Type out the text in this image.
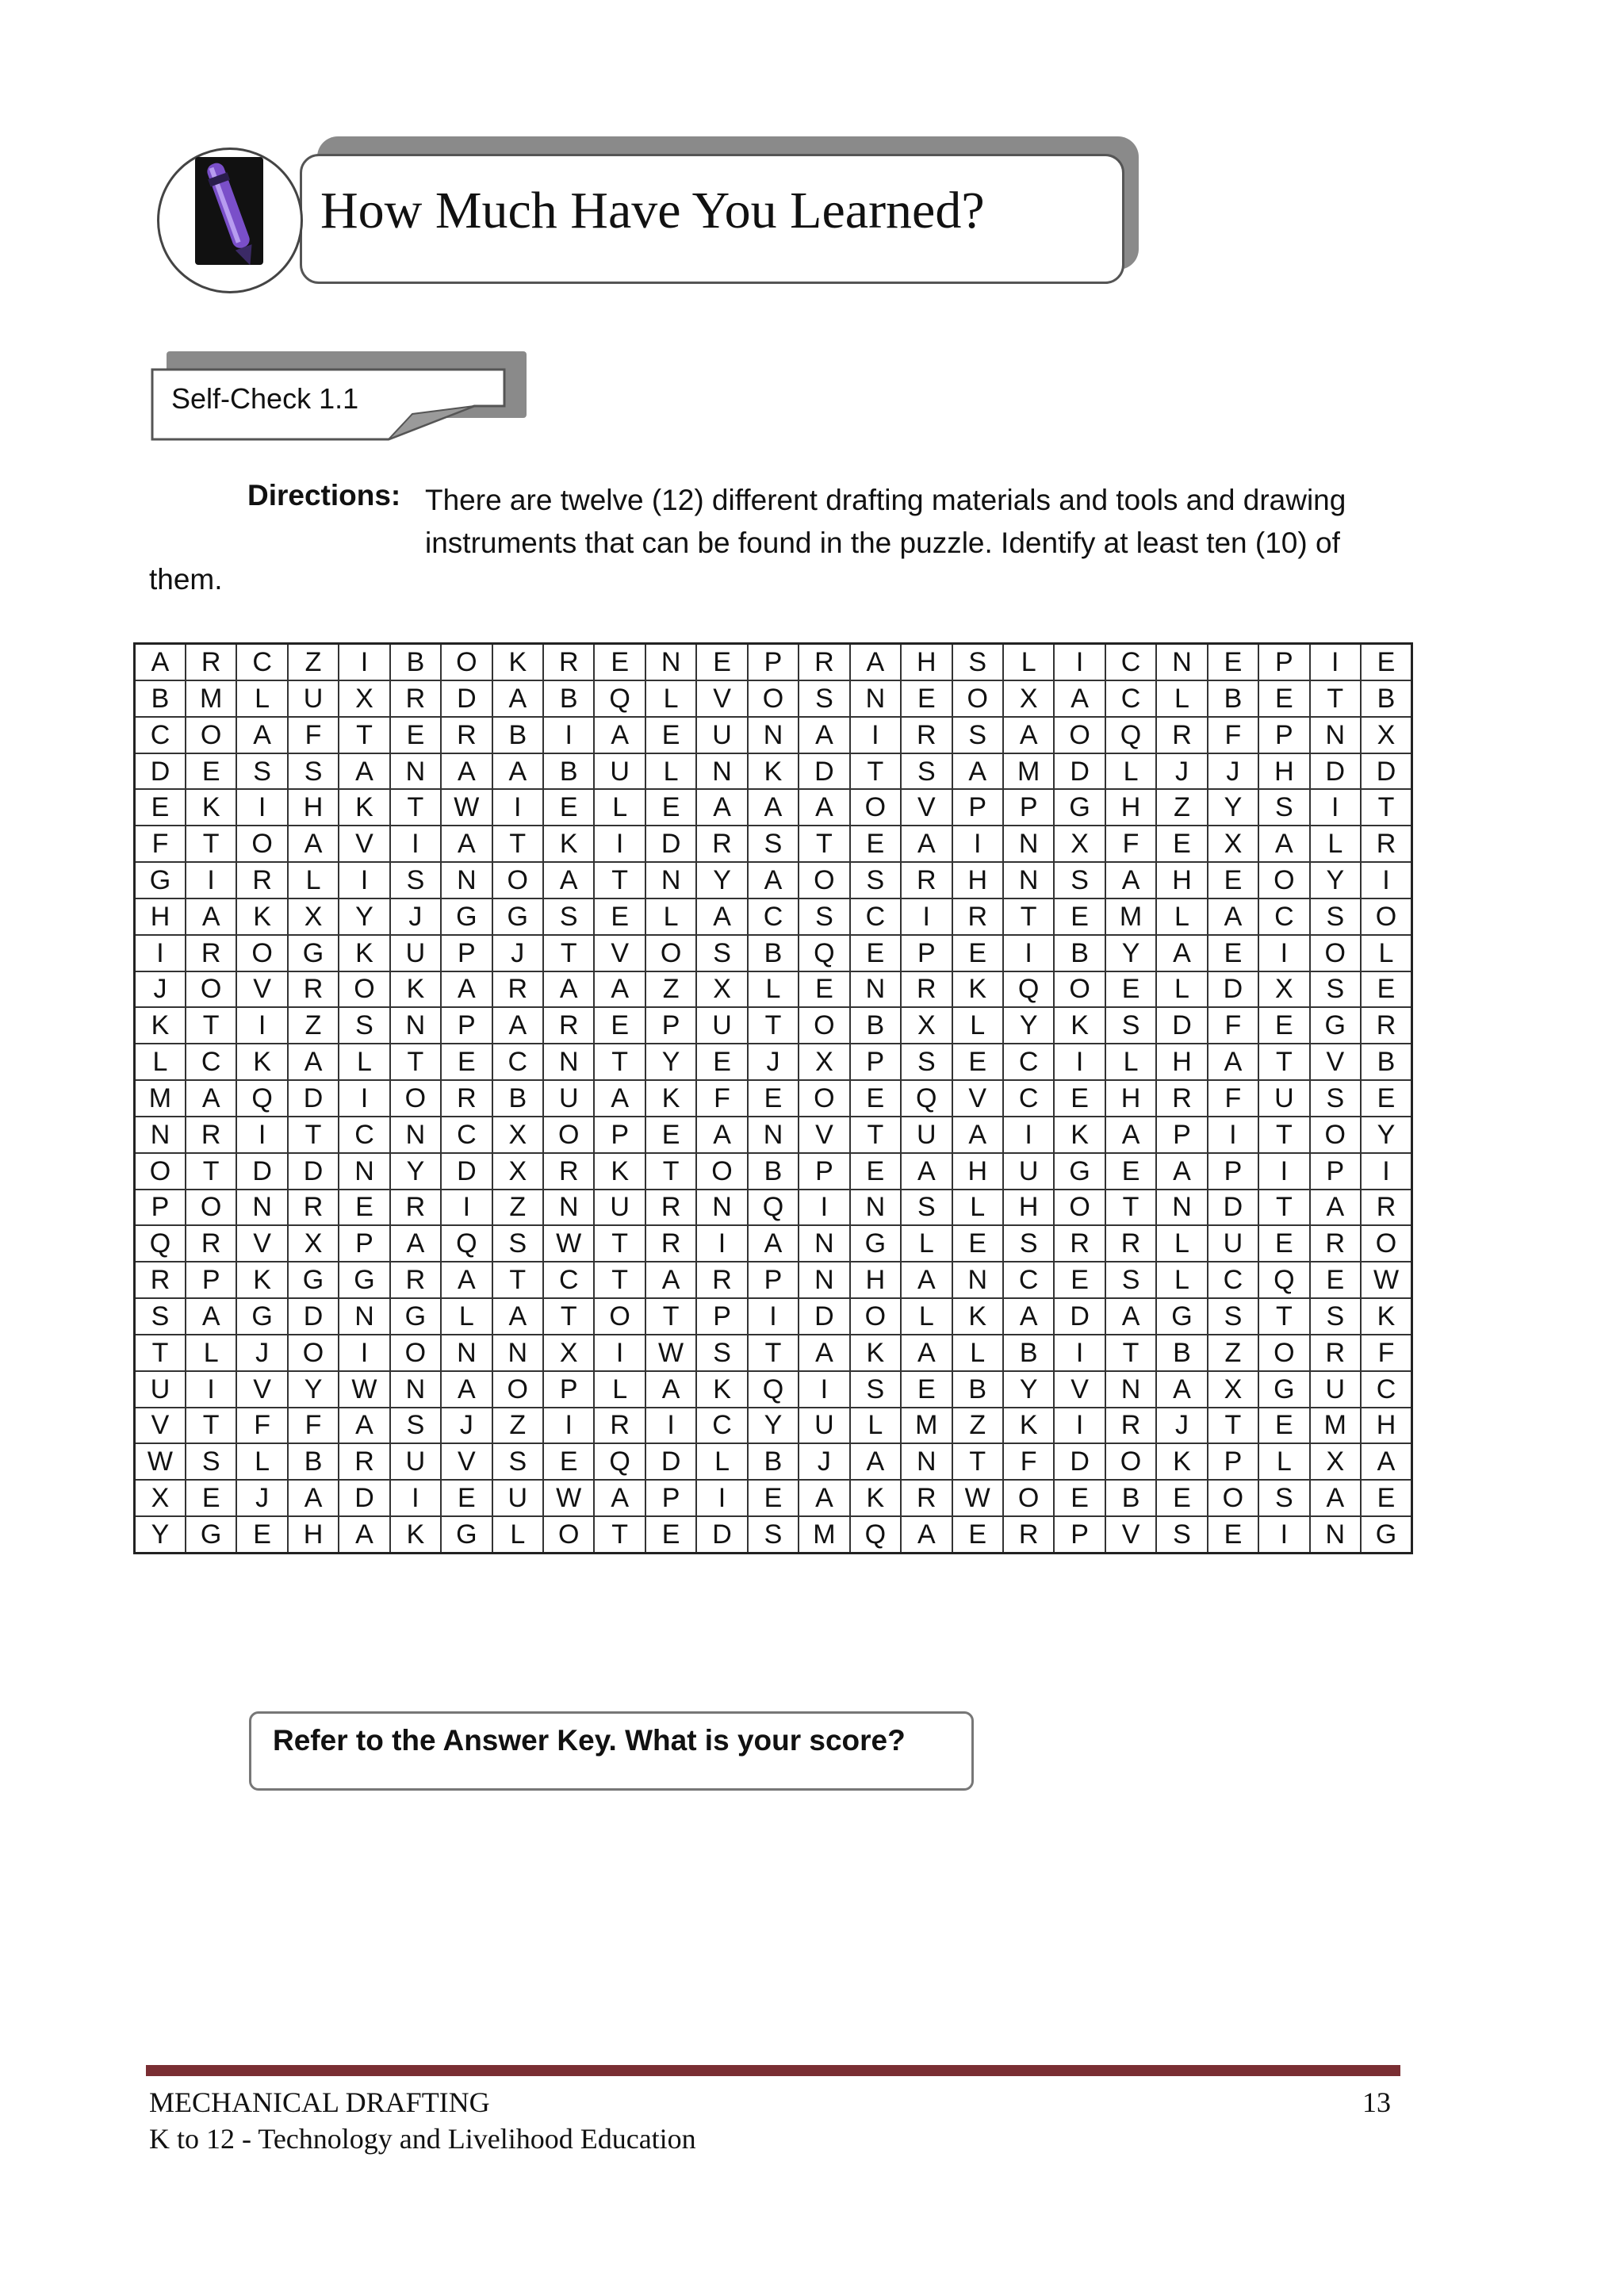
How Much Have You Learned?
Self-Check 1.1
Directions: There are twelve (12) different drafting materials and tools and drawing instruments that can be found in the puzzle. Identify at least ten (10) of
them.
A	R	C	Z	I	B	O	K	R	E	N	E	P	R	A	H	S	L	I	C	N	E	P	I	E
B	M	L	U	X	R	D	A	B	Q	L	V	O	S	N	E	O	X	A	C	L	B	E	T	B
C	O	A	F	T	E	R	B	I	A	E	U	N	A	I	R	S	A	O	Q	R	F	P	N	X
D	E	S	S	A	N	A	A	B	U	L	N	K	D	T	S	A	M	D	L	J	J	H	D	D
E	K	I	H	K	T	W	I	E	L	E	A	A	A	O	V	P	P	G	H	Z	Y	S	I	T
F	T	O	A	V	I	A	T	K	I	D	R	S	T	E	A	I	N	X	F	E	X	A	L	R
G	I	R	L	I	S	N	O	A	T	N	Y	A	O	S	R	H	N	S	A	H	E	O	Y	I
H	A	K	X	Y	J	G	G	S	E	L	A	C	S	C	I	R	T	E	M	L	A	C	S	O
I	R	O	G	K	U	P	J	T	V	O	S	B	Q	E	P	E	I	B	Y	A	E	I	O	L
J	O	V	R	O	K	A	R	A	A	Z	X	L	E	N	R	K	Q	O	E	L	D	X	S	E
K	T	I	Z	S	N	P	A	R	E	P	U	T	O	B	X	L	Y	K	S	D	F	E	G	R
L	C	K	A	L	T	E	C	N	T	Y	E	J	X	P	S	E	C	I	L	H	A	T	V	B
M	A	Q	D	I	O	R	B	U	A	K	F	E	O	E	Q	V	C	E	H	R	F	U	S	E
N	R	I	T	C	N	C	X	O	P	E	A	N	V	T	U	A	I	K	A	P	I	T	O	Y
O	T	D	D	N	Y	D	X	R	K	T	O	B	P	E	A	H	U	G	E	A	P	I	P	I
P	O	N	R	E	R	I	Z	N	U	R	N	Q	I	N	S	L	H	O	T	N	D	T	A	R
Q	R	V	X	P	A	Q	S	W	T	R	I	A	N	G	L	E	S	R	R	L	U	E	R	O
R	P	K	G	G	R	A	T	C	T	A	R	P	N	H	A	N	C	E	S	L	C	Q	E	W
S	A	G	D	N	G	L	A	T	O	T	P	I	D	O	L	K	A	D	A	G	S	T	S	K
T	L	J	O	I	O	N	N	X	I	W	S	T	A	K	A	L	B	I	T	B	Z	O	R	F
U	I	V	Y	W	N	A	O	P	L	A	K	Q	I	S	E	B	Y	V	N	A	X	G	U	C
V	T	F	F	A	S	J	Z	I	R	I	C	Y	U	L	M	Z	K	I	R	J	T	E	M	H
W	S	L	B	R	U	V	S	E	Q	D	L	B	J	A	N	T	F	D	O	K	P	L	X	A
X	E	J	A	D	I	E	U	W	A	P	I	E	A	K	R	W	O	E	B	E	O	S	A	E
Y	G	E	H	A	K	G	L	O	T	E	D	S	M	Q	A	E	R	P	V	S	E	I	N	G
Refer to the Answer Key. What is your score?
MECHANICAL DRAFTING	13
K to 12 - Technology and Livelihood Education
